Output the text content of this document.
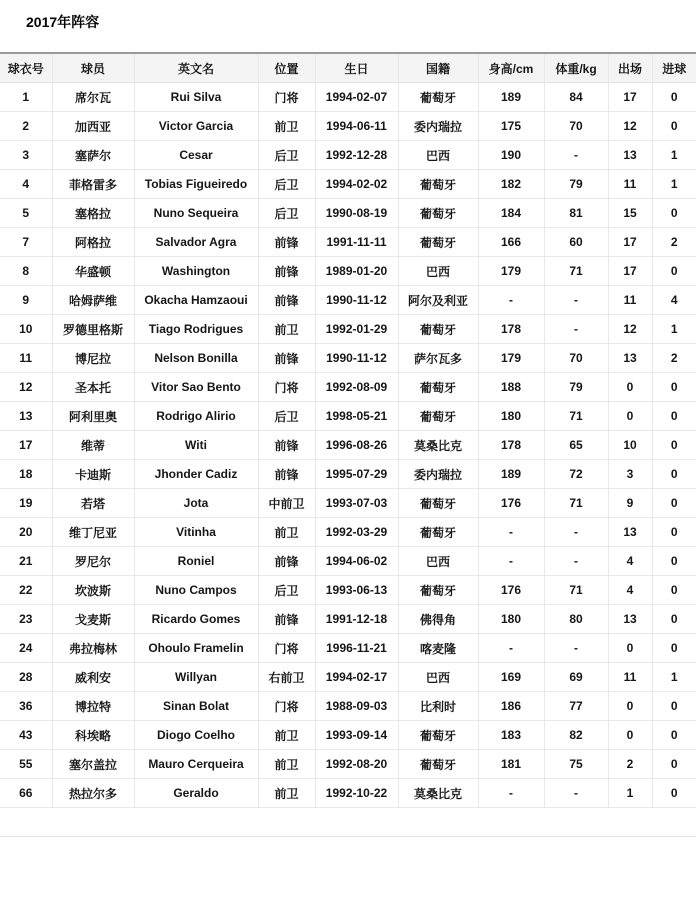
2017年阵容
球衣号	球员	英文名	位置	生日	国籍	身高/cm	体重/kg	出场	进球
1	席尔瓦	Rui Silva	门将	1994-02-07	葡萄牙	189	84	17	0
2	加西亚	Victor Garcia	前卫	1994-06-11	委内瑞拉	175	70	12	0
3	塞萨尔	Cesar	后卫	1992-12-28	巴西	190	-	13	1
4	菲格雷多	Tobias Figueiredo	后卫	1994-02-02	葡萄牙	182	79	11	1
5	塞格拉	Nuno Sequeira	后卫	1990-08-19	葡萄牙	184	81	15	0
7	阿格拉	Salvador Agra	前锋	1991-11-11	葡萄牙	166	60	17	2
8	华盛顿	Washington	前锋	1989-01-20	巴西	179	71	17	0
9	哈姆萨维	Okacha Hamzaoui	前锋	1990-11-12	阿尔及利亚	-	-	11	4
10	罗德里格斯	Tiago Rodrigues	前卫	1992-01-29	葡萄牙	178	-	12	1
11	博尼拉	Nelson Bonilla	前锋	1990-11-12	萨尔瓦多	179	70	13	2
12	圣本托	Vitor Sao Bento	门将	1992-08-09	葡萄牙	188	79	0	0
13	阿利里奥	Rodrigo Alirio	后卫	1998-05-21	葡萄牙	180	71	0	0
17	维蒂	Witi	前锋	1996-08-26	莫桑比克	178	65	10	0
18	卡迪斯	Jhonder Cadiz	前锋	1995-07-29	委内瑞拉	189	72	3	0
19	若塔	Jota	中前卫	1993-07-03	葡萄牙	176	71	9	0
20	维丁尼亚	Vitinha	前卫	1992-03-29	葡萄牙	-	-	13	0
21	罗尼尔	Roniel	前锋	1994-06-02	巴西	-	-	4	0
22	坎波斯	Nuno Campos	后卫	1993-06-13	葡萄牙	176	71	4	0
23	戈麦斯	Ricardo Gomes	前锋	1991-12-18	佛得角	180	80	13	0
24	弗拉梅林	Ohoulo Framelin	门将	1996-11-21	喀麦隆	-	-	0	0
28	威利安	Willyan	右前卫	1994-02-17	巴西	169	69	11	1
36	博拉特	Sinan Bolat	门将	1988-09-03	比利时	186	77	0	0
43	科埃略	Diogo Coelho	前卫	1993-09-14	葡萄牙	183	82	0	0
55	塞尔盖拉	Mauro Cerqueira	前卫	1992-08-20	葡萄牙	181	75	2	0
66	热拉尔多	Geraldo	前卫	1992-10-22	莫桑比克	-	-	1	0
